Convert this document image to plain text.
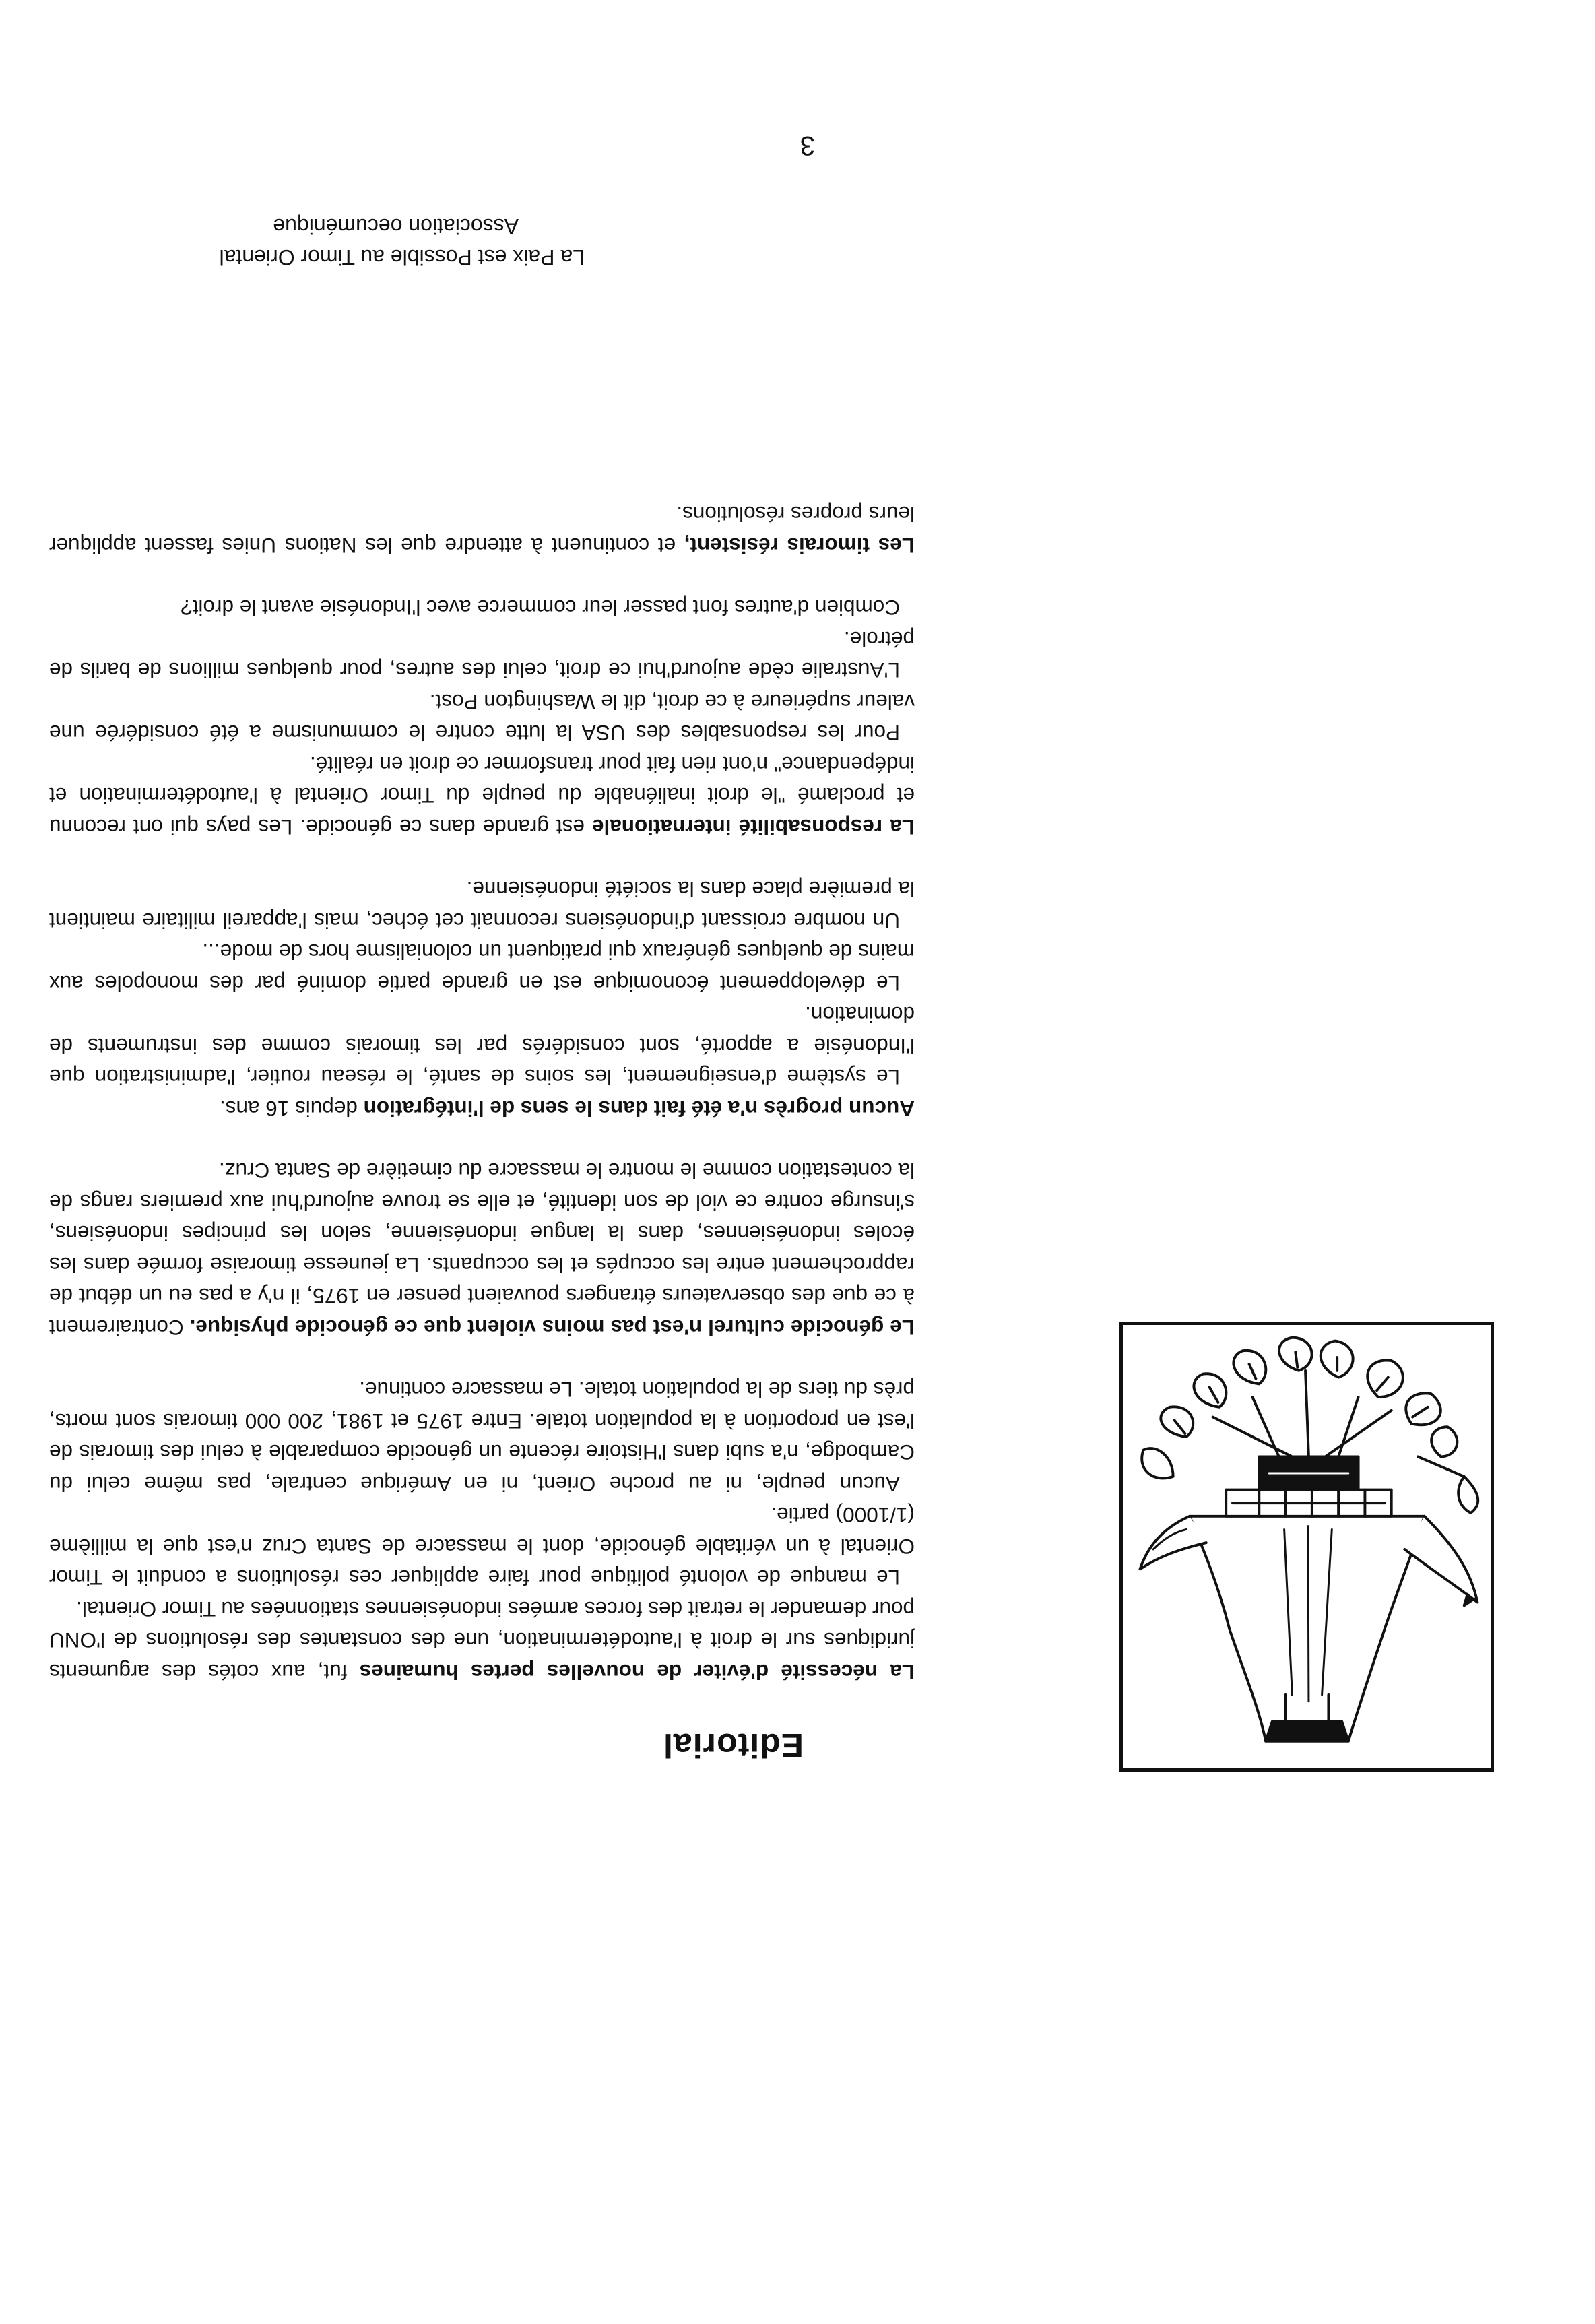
Editorial

La nécessité d'éviter de nouvelles pertes humaines fut, aux cotés des arguments juridiques sur le droit à l'autodétermination, une des constantes des résolutions de l'ONU pour demander le retrait des forces armées indonésiennes stationnées au Timor Oriental.
Le manque de volonté politique pour faire appliquer ces résolutions a conduit le Timor Oriental à un véritable génocide, dont le massacre de Santa Cruz n'est que la millième (1/1000) partie.
Aucun peuple, ni au proche Orient, ni en Amérique centrale, pas même celui du Cambodge, n'a subi dans l'Histoire récente un génocide comparable à celui des timorais de l'est en proportion à la population totale. Entre 1975 et 1981, 200 000 timorais sont morts, près du tiers de la population totale. Le massacre continue.

Le génocide culturel n'est pas moins violent que ce génocide physique. Contrairement à ce que des observateurs étrangers pouvaient penser en 1975, il n'y a pas eu un début de rapprochement entre les occupés et les occupants. La jeunesse timoraise formée dans les écoles indonésiennes, dans la langue indonésienne, selon les principes indonésiens, s'insurge contre ce viol de son identité, et elle se trouve aujourd'hui aux premiers rangs de la contestation comme le montre le massacre du cimetière de Santa Cruz.

Aucun progrès n'a été fait dans le sens de l'intégration depuis 16 ans.
Le système d'enseignement, les soins de santé, le réseau routier, l'administration que l'Indonésie a apporté, sont considérés par les timorais comme des instruments de domination.
Le développement économique est en grande partie dominé par des monopoles aux mains de quelques généraux qui pratiquent un colonialisme hors de mode...
Un nombre croissant d'indonésiens reconnait cet échec, mais l'appareil militaire maintient la première place dans la société indonésienne.

La responsabilité internationale est grande dans ce génocide. Les pays qui ont reconnu et proclamé "le droit inaliénable du peuple du Timor Oriental à l'autodétermination et indépendance" n'ont rien fait pour transformer ce droit en réalité.
Pour les responsables des USA la lutte contre le communisme a été considérée une valeur supérieure à ce droit, dit le Washington Post.
L'Australie cède aujourd'hui ce droit, celui des autres, pour quelques millions de barils de pétrole.
Combien d'autres font passer leur commerce avec l'Indonésie avant le droit?

Les timorais résistent, et continuent à attendre que les Nations Unies fassent appliquer leurs propres résolutions.

La Paix est Possible au Timor Oriental
Association oecuménique
3
